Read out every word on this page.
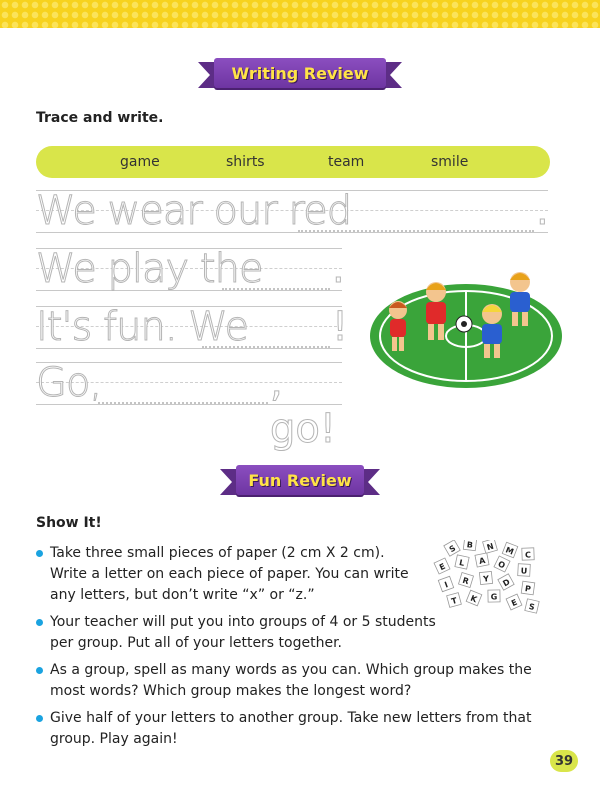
Writing Review
Trace and write.
game	shirts	team	smile
We wear our red	.
We play the .
It's fun. We !
Go,	, go!
Fun Review
Show It!
S B N M C
E L A O
U
I R Y D
P
T K G
E S
Take three small pieces of paper (2 cm X 2 cm). Write a letter on each piece of paper. You can write any letters, but don’t write “x” or “z.”
Your teacher will put you into groups of 4 or 5 students per group. Put all of your letters together.
As a group, spell as many words as you can. Which group makes the most words? Which group makes the longest word?
Give half of your letters to another group. Take new letters from that group. Play again!
39
